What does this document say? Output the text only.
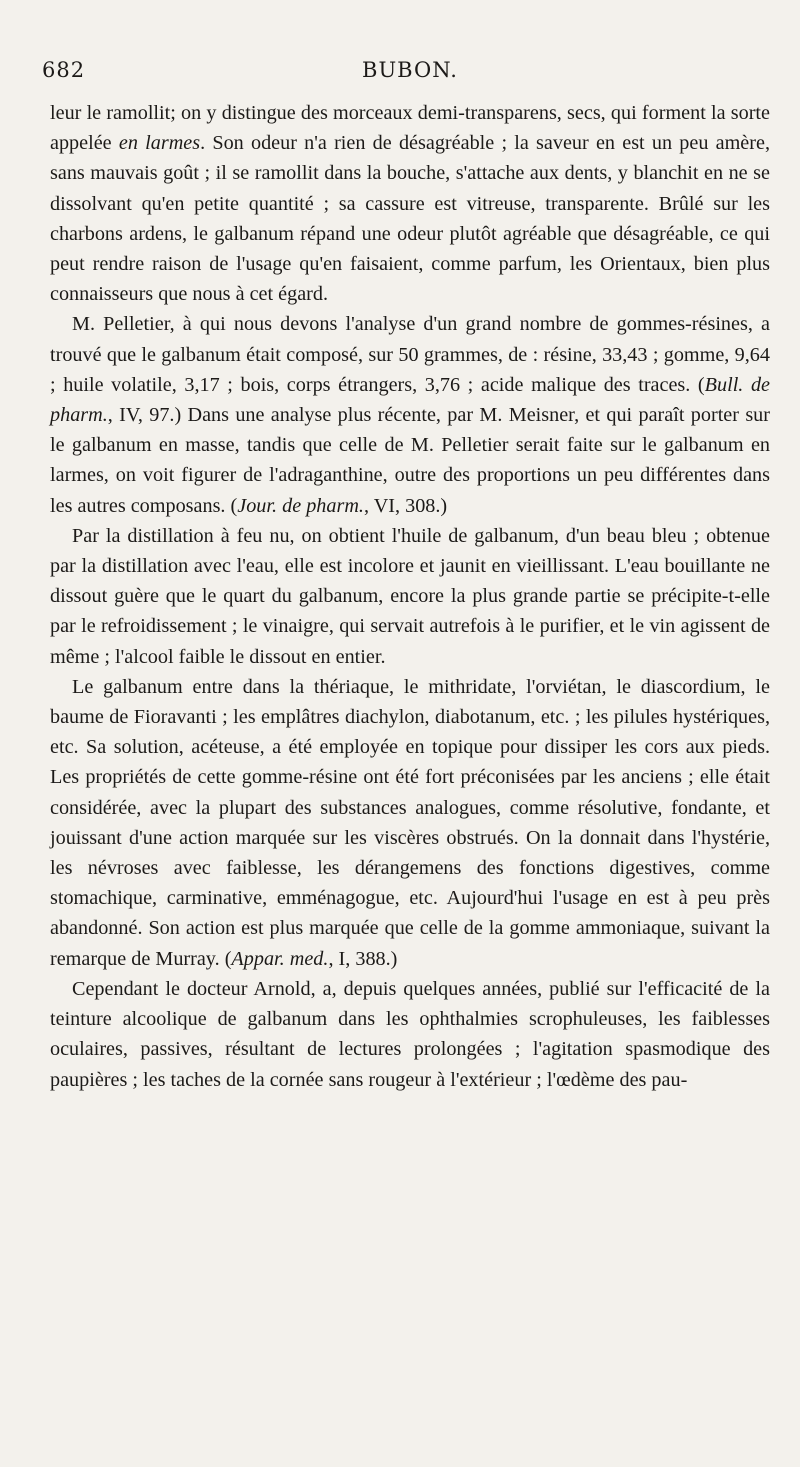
682	BUBON.

leur le ramollit; on y distingue des morceaux demi-transparens, secs, qui forment la sorte appelée en larmes. Son odeur n'a rien de désagréable ; la saveur en est un peu amère, sans mauvais goût ; il se ramollit dans la bouche, s'attache aux dents, y blanchit en ne se dissolvant qu'en petite quantité ; sa cassure est vitreuse, transparente. Brûlé sur les charbons ardens, le galbanum répand une odeur plutôt agréable que désagréable, ce qui peut rendre raison de l'usage qu'en faisaient, comme parfum, les Orientaux, bien plus connaisseurs que nous à cet égard.

M. Pelletier, à qui nous devons l'analyse d'un grand nombre de gommes-résines, a trouvé que le galbanum était composé, sur 50 grammes, de : résine, 33,43 ; gomme, 9,64 ; huile volatile, 3,17 ; bois, corps étrangers, 3,76 ; acide malique des traces. (Bull. de pharm., IV, 97.) Dans une analyse plus récente, par M. Meisner, et qui paraît porter sur le galbanum en masse, tandis que celle de M. Pelletier serait faite sur le galbanum en larmes, on voit figurer de l'adraganthine, outre des proportions un peu différentes dans les autres composans. (Jour. de pharm., VI, 308.)

Par la distillation à feu nu, on obtient l'huile de galbanum, d'un beau bleu ; obtenue par la distillation avec l'eau, elle est incolore et jaunit en vieillissant. L'eau bouillante ne dissout guère que le quart du galbanum, encore la plus grande partie se précipite-t-elle par le refroidissement ; le vinaigre, qui servait autrefois à le purifier, et le vin agissent de même ; l'alcool faible le dissout en entier.

Le galbanum entre dans la thériaque, le mithridate, l'orviétan, le diascordium, le baume de Fioravanti ; les emplâtres diachylon, diabotanum, etc. ; les pilules hystériques, etc. Sa solution, acéteuse, a été employée en topique pour dissiper les cors aux pieds. Les propriétés de cette gomme-résine ont été fort préconisées par les anciens ; elle était considérée, avec la plupart des substances analogues, comme résolutive, fondante, et jouissant d'une action marquée sur les viscères obstrués. On la donnait dans l'hystérie, les névroses avec faiblesse, les dérangemens des fonctions digestives, comme stomachique, carminative, emménagogue, etc. Aujourd'hui l'usage en est à peu près abandonné. Son action est plus marquée que celle de la gomme ammoniaque, suivant la remarque de Murray. (Appar. med., I, 388.)

Cependant le docteur Arnold, a, depuis quelques années, publié sur l'efficacité de la teinture alcoolique de galbanum dans les ophthalmies scrophuleuses, les faiblesses oculaires, passives, résultant de lectures prolongées ; l'agitation spasmodique des paupières ; les taches de la cornée sans rougeur à l'extérieur ; l'œdème des pau-
